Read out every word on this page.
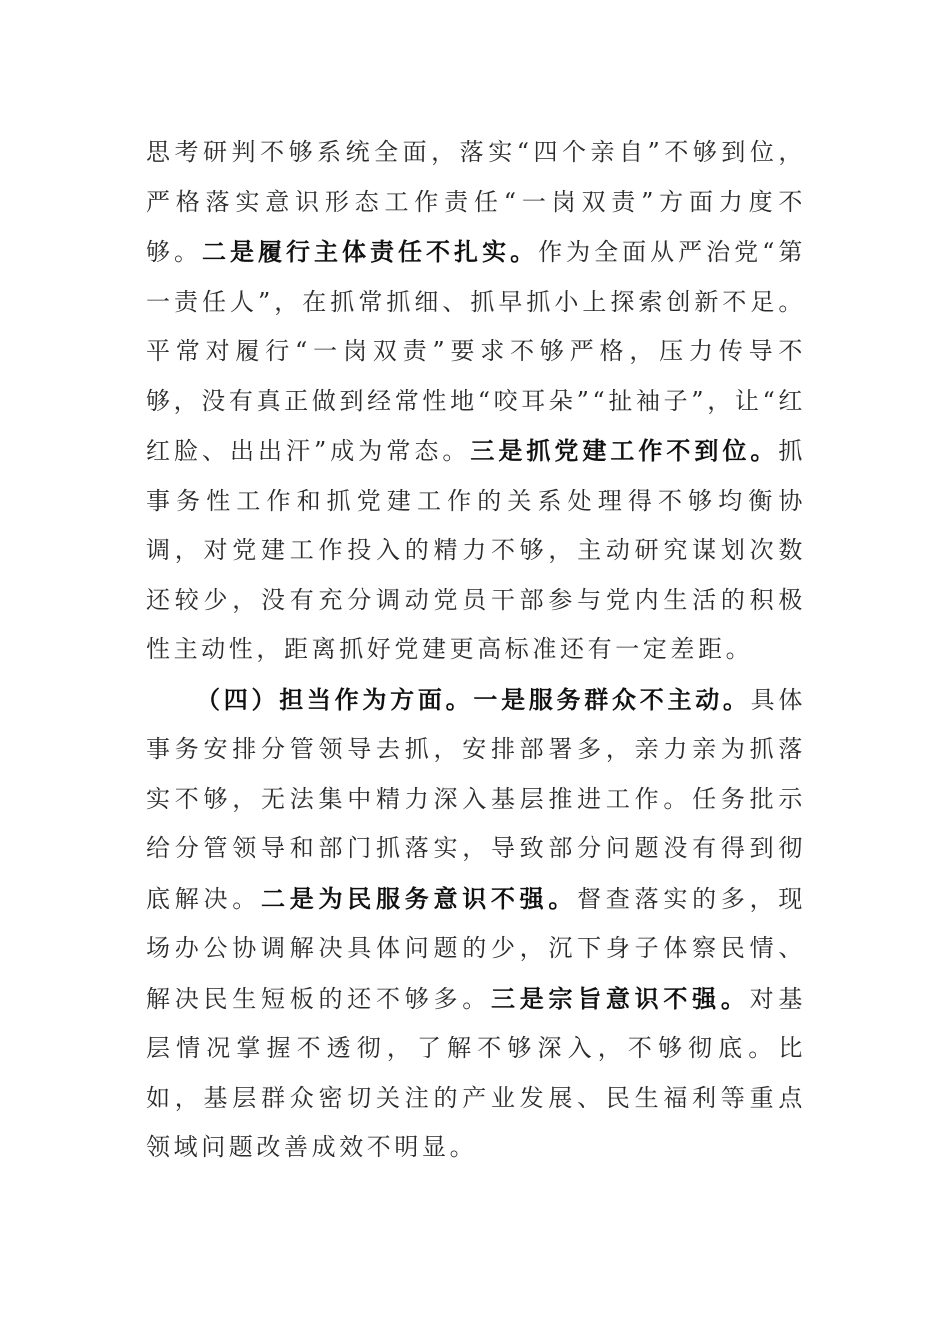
思考研判不够系统全面，落实“四个亲自”不够到位，严格落实意识形态工作责任“一岗双责”方面力度不够。二是履行主体责任不扎实。作为全面从严治党“第一责任人”，在抓常抓细、抓早抓小上探索创新不足。平常对履行“一岗双责”要求不够严格，压力传导不够，没有真正做到经常性地“咬耳朵”“扯袖子”，让“红红脸、出出汗”成为常态。三是抓党建工作不到位。抓事务性工作和抓党建工作的关系处理得不够均衡协调，对党建工作投入的精力不够，主动研究谋划次数还较少，没有充分调动党员干部参与党内生活的积极性主动性，距离抓好党建更高标准还有一定差距。

（四）担当作为方面。一是服务群众不主动。具体事务安排分管领导去抓，安排部署多，亲力亲为抓落实不够，无法集中精力深入基层推进工作。任务批示给分管领导和部门抓落实，导致部分问题没有得到彻底解决。二是为民服务意识不强。督查落实的多，现场办公协调解决具体问题的少，沉下身子体察民情、解决民生短板的还不够多。三是宗旨意识不强。对基层情况掌握不透彻，了解不够深入，不够彻底。比如，基层群众密切关注的产业发展、民生福利等重点领域问题改善成效不明显。
